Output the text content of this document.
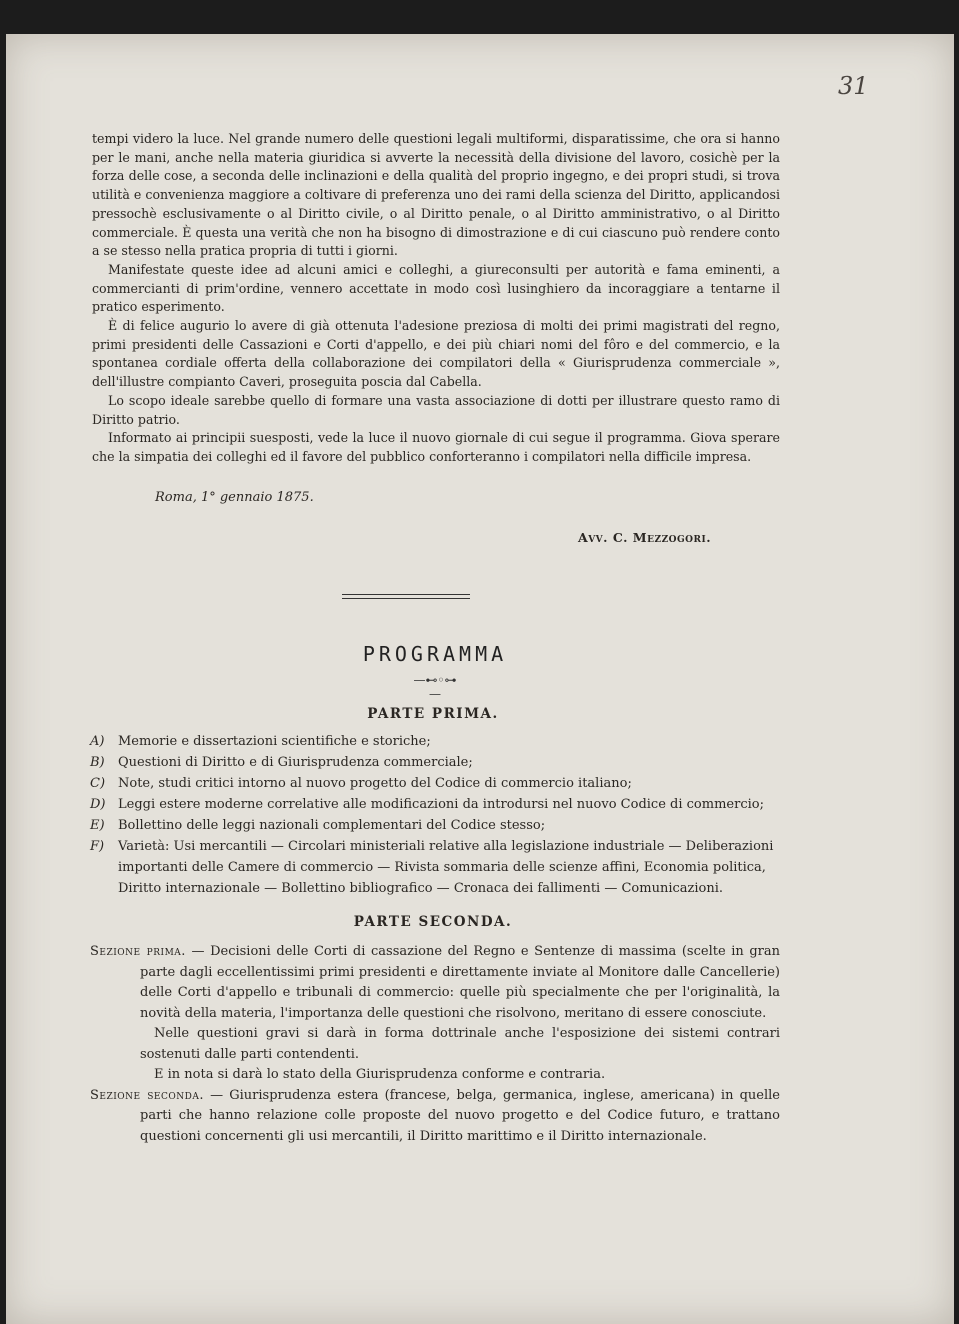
31

tempi videro la luce. Nel grande numero delle questioni legali multiformi, disparatissime, che ora si hanno per le mani, anche nella materia giuridica si avverte la necessità della divisione del lavoro, cosichè per la forza delle cose, a seconda delle inclinazioni e della qualità del proprio ingegno, e dei propri studi, si trova utilità e convenienza maggiore a coltivare di preferenza uno dei rami della scienza del Diritto, applicandosi pressochè esclusivamente o al Diritto civile, o al Diritto penale, o al Diritto amministrativo, o al Diritto commerciale. È questa una verità che non ha bisogno di dimostrazione e di cui ciascuno può rendere conto a se stesso nella pratica propria di tutti i giorni.

Manifestate queste idee ad alcuni amici e colleghi, a giureconsulti per autorità e fama eminenti, a commercianti di prim'ordine, vennero accettate in modo così lusinghiero da incoraggiare a tentarne il pratico esperimento.

È di felice augurio lo avere di già ottenuta l'adesione preziosa di molti dei primi magistrati del regno, primi presidenti delle Cassazioni e Corti d'appello, e dei più chiari nomi del fôro e del commercio, e la spontanea cordiale offerta della collaborazione dei compilatori della « Giurisprudenza commerciale », dell'illustre compianto Caveri, proseguita poscia dal Cabella.

Lo scopo ideale sarebbe quello di formare una vasta associazione di dotti per illustrare questo ramo di Diritto patrio.

Informato ai principii suesposti, vede la luce il nuovo giornale di cui segue il programma. Giova sperare che la simpatia dei colleghi ed il favore del pubblico conforteranno i compilatori nella difficile impresa.

Roma, 1° gennaio 1875.
Avv. C. Mezzogori.
PROGRAMMA
—⊷◦⊶—
PARTE PRIMA.
A) Memorie e dissertazioni scientifiche e storiche;
B) Questioni di Diritto e di Giurisprudenza commerciale;
C) Note, studi critici intorno al nuovo progetto del Codice di commercio italiano;
D) Leggi estere moderne correlative alle modificazioni da introdursi nel nuovo Codice di commercio;
E) Bollettino delle leggi nazionali complementari del Codice stesso;
F) Varietà: Usi mercantili — Circolari ministeriali relative alla legislazione industriale — Deliberazioni importanti delle Camere di commercio — Rivista sommaria delle scienze affini, Economia politica, Diritto internazionale — Bollettino bibliografico — Cronaca dei fallimenti — Comunicazioni.
PARTE SECONDA.

Sezione prima. — Decisioni delle Corti di cassazione del Regno e Sentenze di massima (scelte in gran parte dagli eccellentissimi primi presidenti e direttamente inviate al Monitore dalle Cancellerie) delle Corti d'appello e tribunali di commercio: quelle più specialmente che per l'originalità, la novità della materia, l'importanza delle questioni che risolvono, meritano di essere conosciute.

Nelle questioni gravi si darà in forma dottrinale anche l'esposizione dei sistemi contrari sostenuti dalle parti contendenti.

E in nota si darà lo stato della Giurisprudenza conforme e contraria.

Sezione seconda. — Giurisprudenza estera (francese, belga, germanica, inglese, americana) in quelle parti che hanno relazione colle proposte del nuovo progetto e del Codice futuro, e trattano questioni concernenti gli usi mercantili, il Diritto marittimo e il Diritto internazionale.
